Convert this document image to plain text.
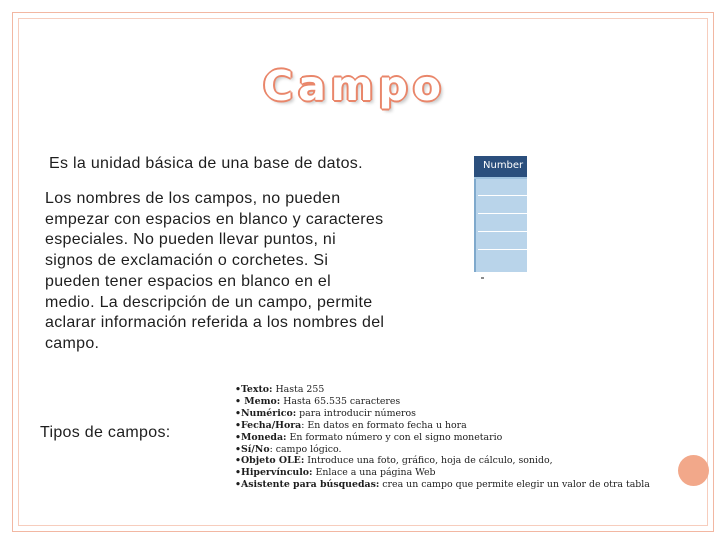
Campo
Es la unidad básica de una base de datos.
Los nombres de los campos, no pueden empezar con espacios en blanco y caracteres especiales. No pueden llevar puntos, ni signos de exclamación o corchetes. Si pueden tener espacios en blanco en el medio. La descripción de un campo, permite aclarar información referida a los nombres del campo.
Number
Tipos de campos:
•Texto: Hasta 255
• Memo: Hasta 65.535 caracteres
•Numérico: para introducir números
•Fecha/Hora: En datos en formato fecha u hora
•Moneda: En formato número y con el signo monetario
•Sí/No: campo lógico.
•Objeto OLE: Introduce una foto, gráfico, hoja de cálculo, sonido,
•Hipervínculo: Enlace a una página Web
•Asistente para búsquedas: crea un campo que permite elegir un valor de otra tabla
